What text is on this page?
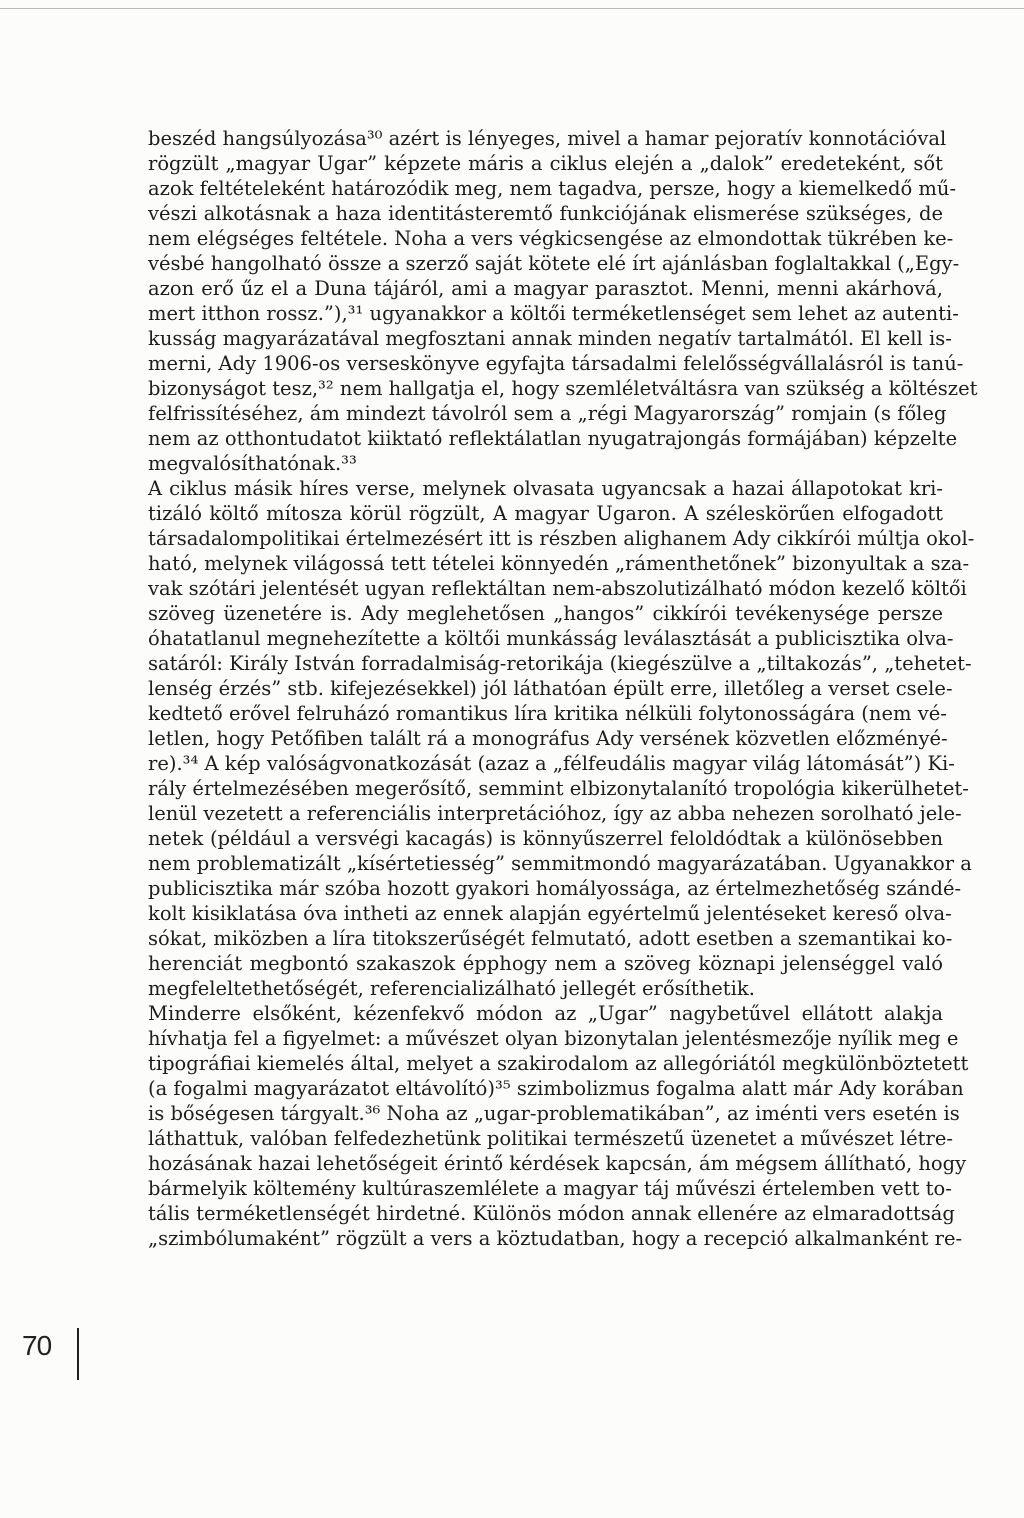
beszéd hangsúlyozása³⁰ azért is lényeges, mivel a hamar pejoratív konnotációval
rögzült „magyar Ugar” képzete máris a ciklus elején a „dalok” eredeteként, sőt
azok feltételeként határozódik meg, nem tagadva, persze, hogy a kiemelkedő mű-
vészi alkotásnak a haza identitásteremtő funkciójának elismerése szükséges, de
nem elégséges feltétele. Noha a vers végkicsengése az elmondottak tükrében ke-
vésbé hangolható össze a szerző saját kötete elé írt ajánlásban foglaltakkal („Egy-
azon erő űz el a Duna tájáról, ami a magyar parasztot. Menni, menni akárhová,
mert itthon rossz.”),³¹ ugyanakkor a költői terméketlenséget sem lehet az autenti-
kusság magyarázatával megfosztani annak minden negatív tartalmától. El kell is-
merni, Ady 1906-os verseskönyve egyfajta társadalmi felelősségvállalásról is tanú-
bizonyságot tesz,³² nem hallgatja el, hogy szemléletváltásra van szükség a költészet
felfrissítéséhez, ám mindezt távolról sem a „régi Magyarország” romjain (s főleg
nem az otthontudatot kiiktató reflektálatlan nyugatrajongás formájában) képzelte
megvalósíthatónak.³³
A ciklus másik híres verse, melynek olvasata ugyancsak a hazai állapotokat kri-
tizáló költő mítosza körül rögzült, A magyar Ugaron. A széleskörűen elfogadott
társadalompolitikai értelmezésért itt is részben alighanem Ady cikkírói múltja okol-
ható, melynek világossá tett tételei könnyedén „rámenthetőnek” bizonyultak a sza-
vak szótári jelentését ugyan reflektáltan nem-abszolutizálható módon kezelő költői
szöveg üzenetére is. Ady meglehetősen „hangos” cikkírói tevékenysége persze
óhatatlanul megnehezítette a költői munkásság leválasztását a publicisztika olva-
satáról: Király István forradalmiság-retorikája (kiegészülve a „tiltakozás”, „tehetet-
lenség érzés” stb. kifejezésekkel) jól láthatóan épült erre, illetőleg a verset csele-
kedtető erővel felruházó romantikus líra kritika nélküli folytonosságára (nem vé-
letlen, hogy Petőfiben talált rá a monográfus Ady versének közvetlen előzményé-
re).³⁴ A kép valóságvonatkozását (azaz a „félfeudális magyar világ látomását”) Ki-
rály értelmezésében megerősítő, semmint elbizonytalanító tropológia kikerülhetet-
lenül vezetett a referenciális interpretációhoz, így az abba nehezen sorolható jele-
netek (például a versvégi kacagás) is könnyűszerrel feloldódtak a különösebben
nem problematizált „kísértetiesség” semmitmondó magyarázatában. Ugyanakkor a
publicisztika már szóba hozott gyakori homályossága, az értelmezhetőség szándé-
kolt kisiklatása óva intheti az ennek alapján egyértelmű jelentéseket kereső olva-
sókat, miközben a líra titokszerűségét felmutató, adott esetben a szemantikai ko-
herenciát megbontó szakaszok épphogy nem a szöveg köznapi jelenséggel való
megfeleltethetőségét, referencializálható jellegét erősíthetik.
Minderre elsőként, kézenfekvő módon az „Ugar” nagybetűvel ellátott alakja
hívhatja fel a figyelmet: a művészet olyan bizonytalan jelentésmezője nyílik meg e
tipográfiai kiemelés által, melyet a szakirodalom az allegóriától megkülönböztetett
(a fogalmi magyarázatot eltávolító)³⁵ szimbolizmus fogalma alatt már Ady korában
is bőségesen tárgyalt.³⁶ Noha az „ugar-problematikában”, az iménti vers esetén is
láthattuk, valóban felfedezhetünk politikai természetű üzenetet a művészet létre-
hozásának hazai lehetőségeit érintő kérdések kapcsán, ám mégsem állítható, hogy
bármelyik költemény kultúraszemlélete a magyar táj művészi értelemben vett to-
tális terméketlenségét hirdetné. Különös módon annak ellenére az elmaradottság
„szimbólumaként” rögzült a vers a köztudatban, hogy a recepció alkalmanként re-
70
